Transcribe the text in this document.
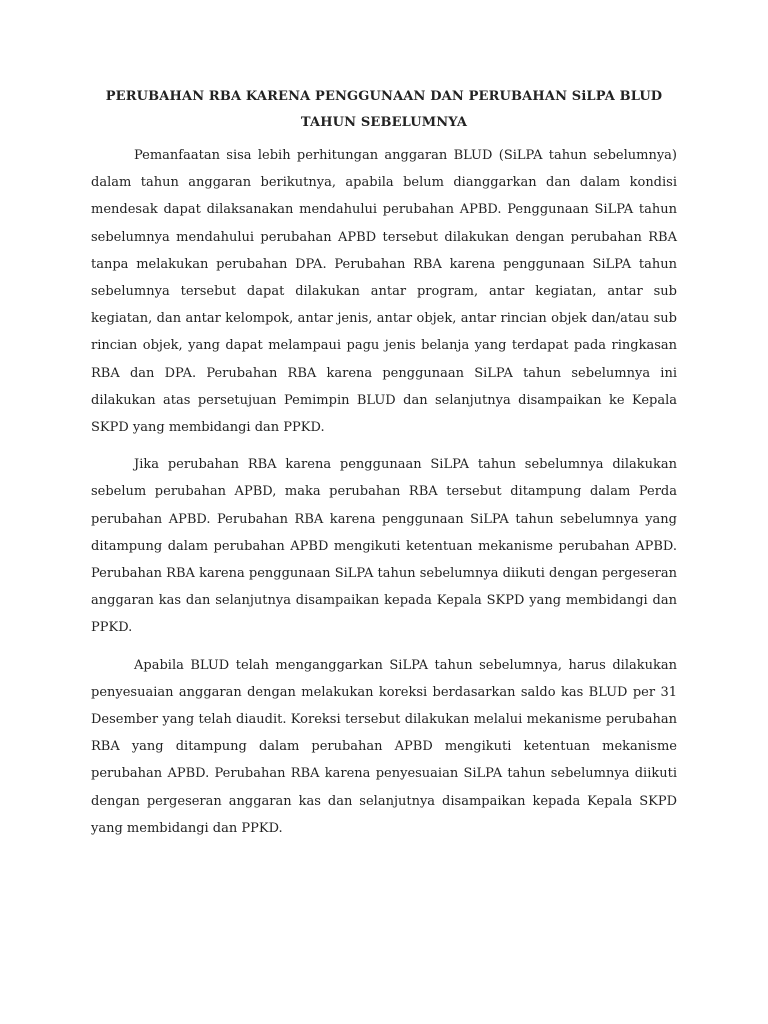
PERUBAHAN RBA KARENA PENGGUNAAN DAN PERUBAHAN SiLPA BLUD
TAHUN SEBELUMNYA

Pemanfaatan sisa lebih perhitungan anggaran BLUD (SiLPA tahun sebelumnya) dalam tahun anggaran berikutnya, apabila belum dianggarkan dan dalam kondisi mendesak dapat dilaksanakan mendahului perubahan APBD. Penggunaan SiLPA tahun sebelumnya mendahului perubahan APBD tersebut dilakukan dengan perubahan RBA tanpa melakukan perubahan DPA. Perubahan RBA karena penggunaan SiLPA tahun sebelumnya tersebut dapat dilakukan antar program, antar kegiatan, antar sub kegiatan, dan antar kelompok, antar jenis, antar objek, antar rincian objek dan/atau sub rincian objek, yang dapat melampaui pagu jenis belanja yang terdapat pada ringkasan RBA dan DPA. Perubahan RBA karena penggunaan SiLPA tahun sebelumnya ini dilakukan atas persetujuan Pemimpin BLUD dan selanjutnya disampaikan ke Kepala SKPD yang membidangi dan PPKD.

Jika perubahan RBA karena penggunaan SiLPA tahun sebelumnya dilakukan sebelum perubahan APBD, maka perubahan RBA tersebut ditampung dalam Perda perubahan APBD. Perubahan RBA karena penggunaan SiLPA tahun sebelumnya yang ditampung dalam perubahan APBD mengikuti ketentuan mekanisme perubahan APBD. Perubahan RBA karena penggunaan SiLPA tahun sebelumnya diikuti dengan pergeseran anggaran kas dan selanjutnya disampaikan kepada Kepala SKPD yang membidangi dan PPKD.

Apabila BLUD telah menganggarkan SiLPA tahun sebelumnya, harus dilakukan penyesuaian anggaran dengan melakukan koreksi berdasarkan saldo kas BLUD per 31 Desember yang telah diaudit. Koreksi tersebut dilakukan melalui mekanisme perubahan RBA yang ditampung dalam perubahan APBD mengikuti ketentuan mekanisme perubahan APBD. Perubahan RBA karena penyesuaian SiLPA tahun sebelumnya diikuti dengan pergeseran anggaran kas dan selanjutnya disampaikan kepada Kepala SKPD yang membidangi dan PPKD.
